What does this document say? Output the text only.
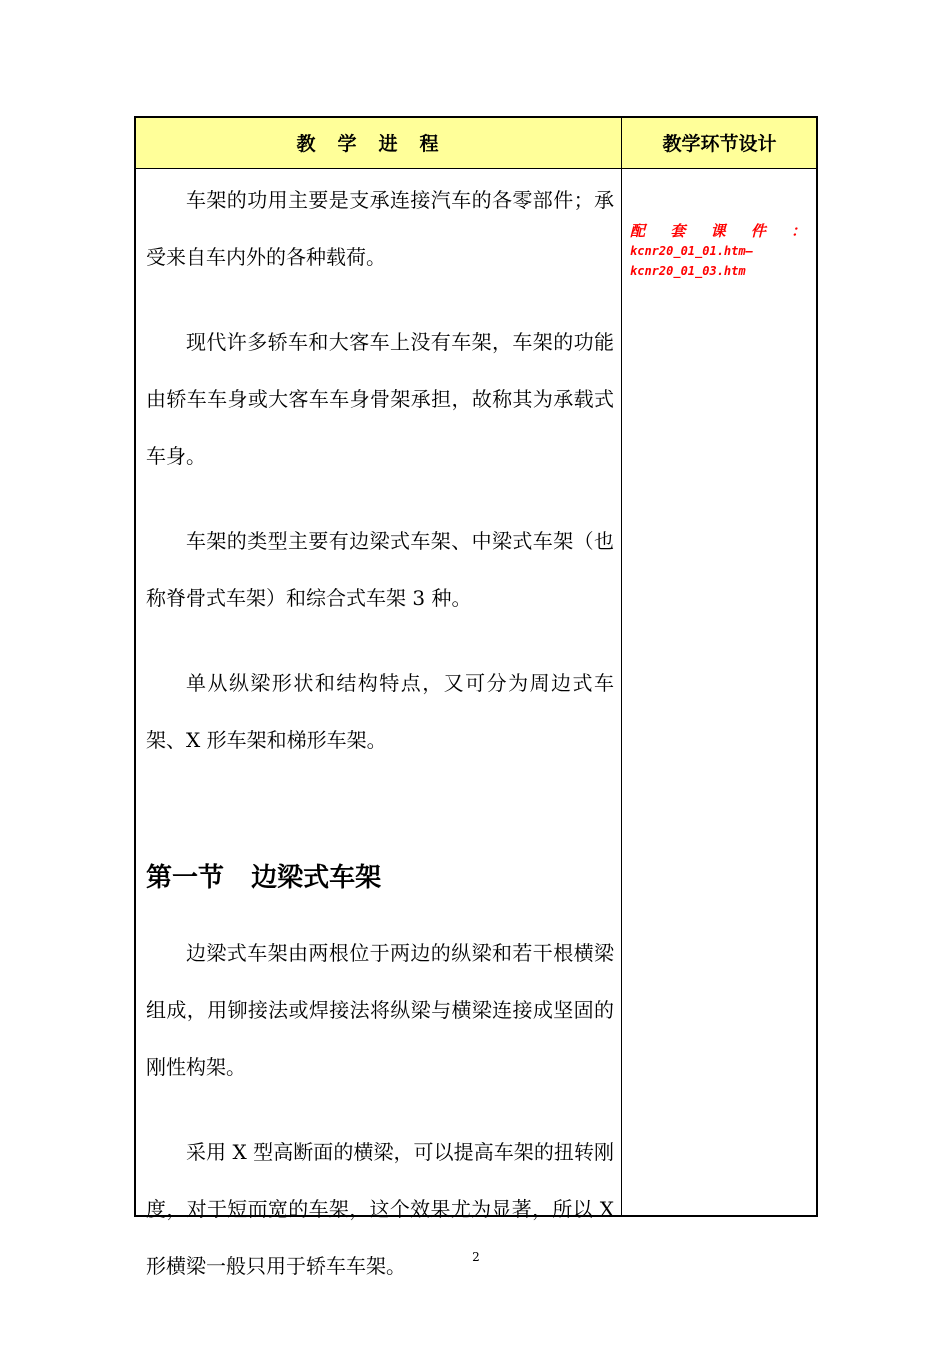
教学进程	教学环节设计

车架的功用主要是支承连接汽车的各零部件；承受来自车内外的各种载荷。

现代许多轿车和大客车上没有车架，车架的功能由轿车车身或大客车车身骨架承担，故称其为承载式车身。

车架的类型主要有边梁式车架、中梁式车架（也称脊骨式车架）和综合式车架 3 种。

单从纵梁形状和结构特点，又可分为周边式车架、X 形车架和梯形车架。

第一节   边梁式车架

边梁式车架由两根位于两边的纵梁和若干根横梁组成，用铆接法或焊接法将纵梁与横梁连接成坚固的刚性构架。

采用 X 型高断面的横梁，可以提高车架的扭转刚度，对于短而宽的车架，这个效果尤为显著，所以 X 形横梁一般只用于轿车车架。

配 套 课 件 ：
kcnr20_01_01.htm—
kcnr20_01_03.htm
2
